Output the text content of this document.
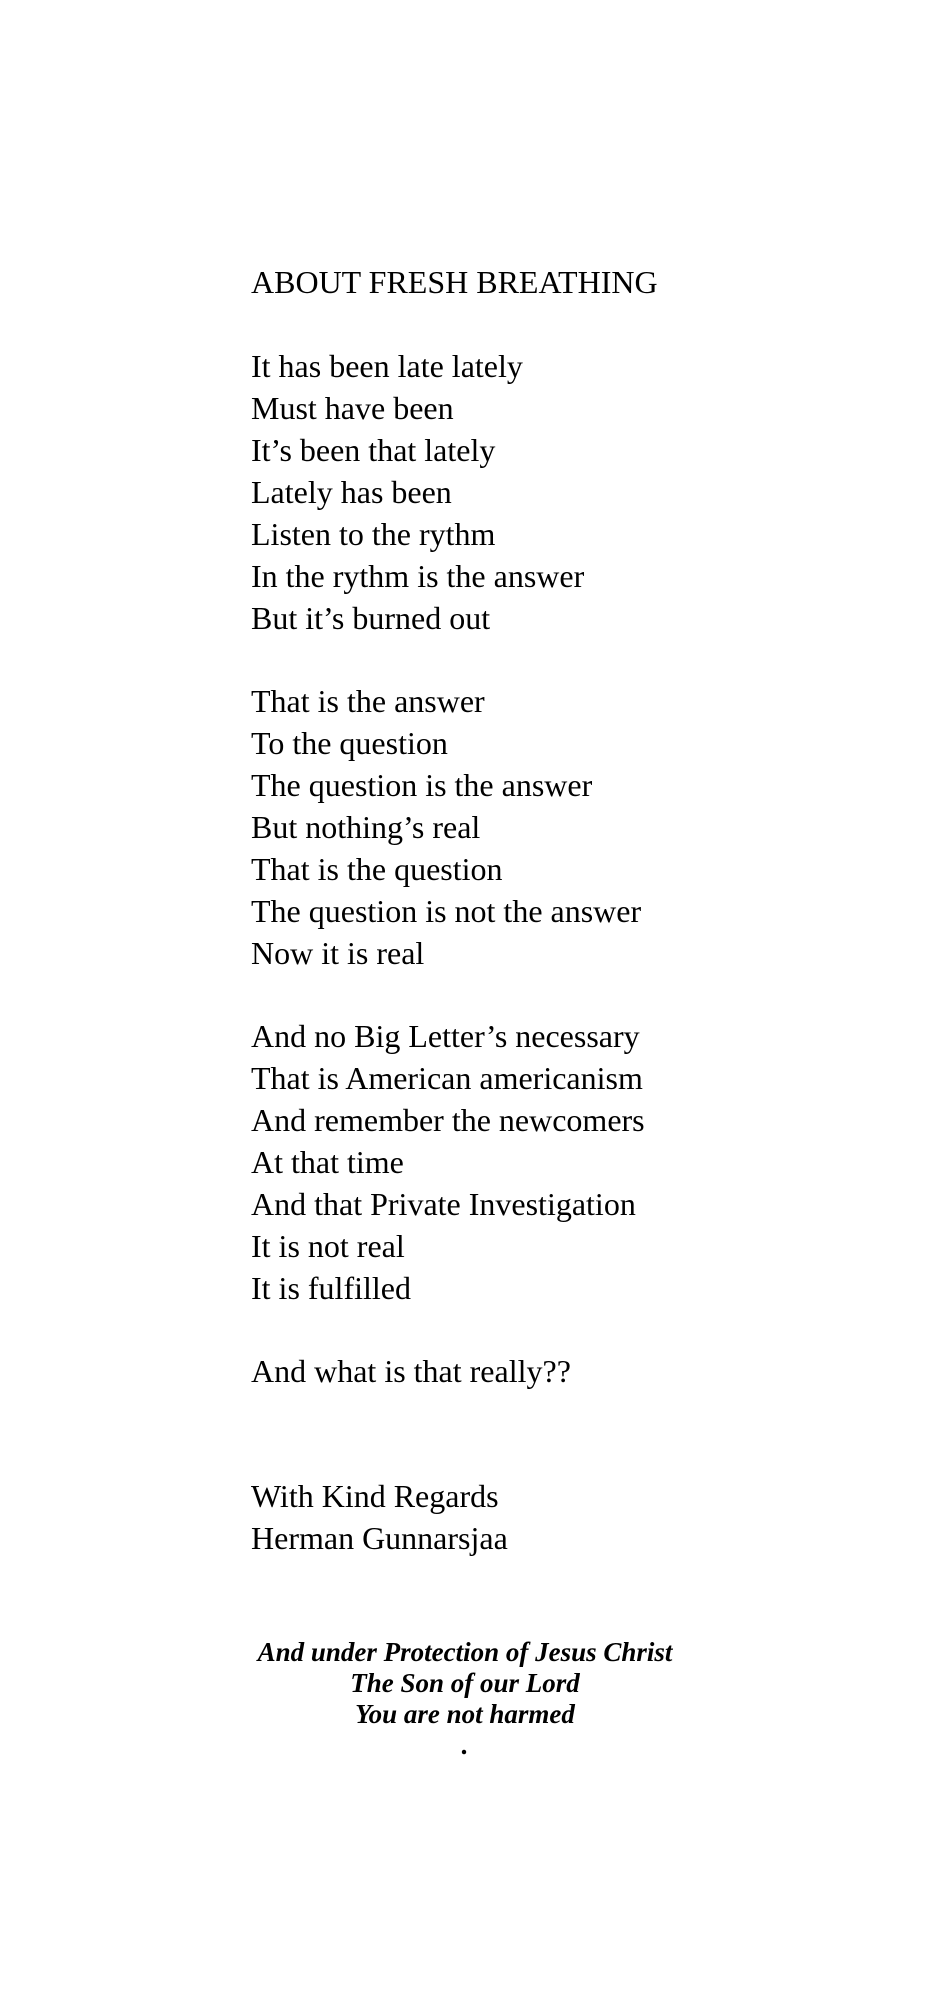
ABOUT FRESH BREATHING
It has been late lately
Must have been
It’s been that lately
Lately has been
Listen to the rythm
In the rythm is the answer
But it’s burned out
That is the answer
To the question
The question is the answer
But nothing’s real
That is the question
The question is not the answer
Now it is real
And no Big Letter’s necessary
That is American americanism
And remember the newcomers
At that time
And that Private Investigation
It is not real
It is fulfilled
And what is that really??
With Kind Regards
Herman Gunnarsjaa
And under Protection of Jesus Christ
The Son of our Lord
You are not harmed
.
